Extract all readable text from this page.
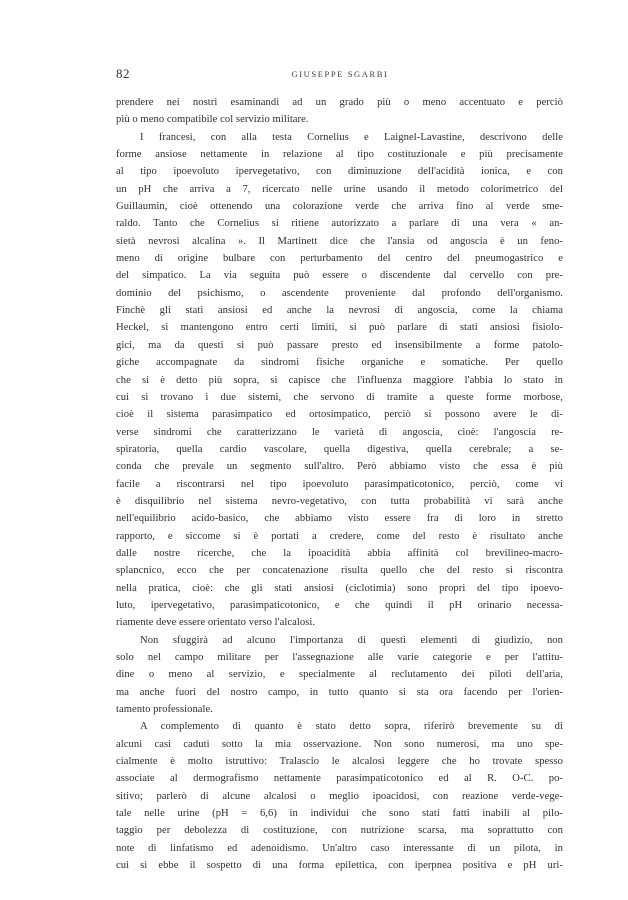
82	GIUSEPPE SGARBI
prendere nei nostri esaminandi ad un grado più o meno accentuato e perciò
più o meno compatibile col servizio militare.
I francesi, con alla testa Cornelius e Laignel-Lavastine, descrivono delle
forme ansiose nettamente in relazione al tipo costituzionale e più precisamente
al tipo ipoevoluto ipervegetativo, con diminuzione dell'acidità ionica, e con
un pH che arriva a 7, ricercato nelle urine usando il metodo colorimetrico del
Guillaumin, cioè ottenendo una colorazione verde che arriva fino al verde sme-
raldo. Tanto che Cornelius si ritiene autorizzato a parlare di una vera « an-
sietà nevrosi alcalina ». Il Martinett dice che l'ansia od angoscia è un feno-
meno di origine bulbare con perturbamento del centro del pneumogastrico e
del simpatico. La via seguita può essere o discendente dal cervello con pre-
dominio del psichismo, o ascendente proveniente dal profondo dell'organismo.
Finchè gli stati ansiosi ed anche la nevrosi di angoscia, come la chiama
Heckel, si mantengono entro certi limiti, si può parlare di stati ansiosi fisiolo-
gici, ma da questi si può passare presto ed insensibilmente a forme patolo-
giche accompagnate da sindromi fisiche organiche e somatiche. Per quello
che si è detto più sopra, si capisce che l'influenza maggiore l'abbia lo stato in
cui si trovano i due sistemi, che servono di tramite a queste forme morbose,
cioè il sistema parasimpatico ed ortosimpatico, perciò si possono avere le di-
verse sindromi che caratterizzano le varietà di angoscia, cioè: l'angoscia re-
spiratoria, quella cardio vascolare, quella digestiva, quella cerebrale; a se-
conda che prevale un segmento sull'altro. Però abbiamo visto che essa è più
facile a riscontrarsi nel tipo ipoevoluto parasimpaticotonico, perciò, come vi
è disquilibrio nel sistema nevro-vegetativo, con tutta probabilità vi sarà anche
nell'equilibrio acido-basico, che abbiamo visto essere fra di loro in stretto
rapporto, e siccome si è portati a credere, come del resto è risultato anche
dalle nostre ricerche, che la ipoacidità abbia affinità col brevilineo-macro-
splancnico, ecco che per concatenazione risulta quello che del resto si riscontra
nella pratica, cioè: che gli stati ansiosi (ciclotimia) sono propri del tipo ipoevo-
luto, ipervegetativo, parasimpaticotonico, e che quindi il pH orinario necessa-
riamente deve essere orientato verso l'alcalosi.
Non sfuggirà ad alcuno l'importanza di questi elementi di giudizio, non
solo nel campo militare per l'assegnazione alle varie categorie e per l'attitu-
dine o meno al servizio, e specialmente al reclutamento dei piloti dell'aria,
ma anche fuori del nostro campo, in tutto quanto si sta ora facendo per l'orien-
tamento professionale.
A complemento di quanto è stato detto sopra, riferirò brevemente su di
alcuni casi caduti sotto la mia osservazione. Non sono numerosi, ma uno spe-
cialmente è molto istruttivo: Tralascio le alcalosi leggere che ho trovate spesso
associate al dermografismo nettamente parasimpaticotonico ed al R. O-C. po-
sitivo; parlerò di alcune alcalosi o meglio ipoacidosi, con reazione verde-vege-
tale nelle urine (pH = 6,6) in individui che sono stati fatti inabili al pilo-
taggio per debolezza di costituzione, con nutrizione scarsa, ma soprattutto con
note di linfatismo ed adenoidismo. Un'altro caso interessante di un pilota, in
cui si ebbe il sospetto di una forma epilettica, con iperpnea positiva e pH uri-
